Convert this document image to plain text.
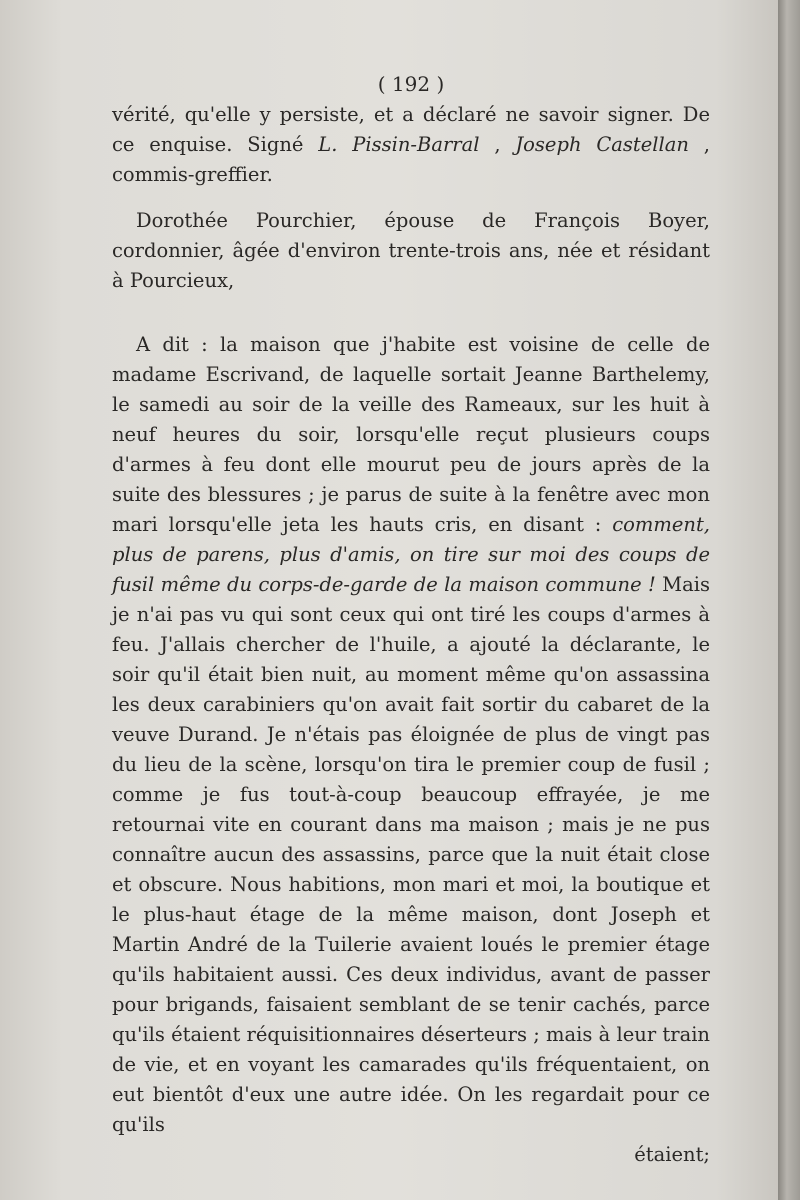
( 192 )

vérité, qu'elle y persiste, et a déclaré ne savoir signer. De ce enquise. Signé L. Pissin-Barral , Joseph Castellan , commis-greffier.

Dorothée Pourchier, épouse de François Boyer, cordonnier, âgée d'environ trente-trois ans, née et résidant à Pourcieux,

A dit : la maison que j'habite est voisine de celle de madame Escrivand, de laquelle sortait Jeanne Barthelemy, le samedi au soir de la veille des Rameaux, sur les huit à neuf heures du soir, lorsqu'elle reçut plusieurs coups d'armes à feu dont elle mourut peu de jours après de la suite des blessures ; je parus de suite à la fenêtre avec mon mari lorsqu'elle jeta les hauts cris, en disant : comment, plus de parens, plus d'amis, on tire sur moi des coups de fusil même du corps-de-garde de la maison commune ! Mais je n'ai pas vu qui sont ceux qui ont tiré les coups d'armes à feu. J'allais chercher de l'huile, a ajouté la déclarante, le soir qu'il était bien nuit, au moment même qu'on assassina les deux carabiniers qu'on avait fait sortir du cabaret de la veuve Durand. Je n'étais pas éloignée de plus de vingt pas du lieu de la scène, lorsqu'on tira le premier coup de fusil ; comme je fus tout-à-coup beaucoup effrayée, je me retournai vite en courant dans ma maison ; mais je ne pus connaître aucun des assassins, parce que la nuit était close et obscure. Nous habitions, mon mari et moi, la boutique et le plus-haut étage de la même maison, dont Joseph et Martin André de la Tuilerie avaient loués le premier étage qu'ils habitaient aussi. Ces deux individus, avant de passer pour brigands, faisaient semblant de se tenir cachés, parce qu'ils étaient réquisitionnaires déserteurs ; mais à leur train de vie, et en voyant les camarades qu'ils fréquentaient, on eut bientôt d'eux une autre idée. On les regardait pour ce qu'ils

étaient;
